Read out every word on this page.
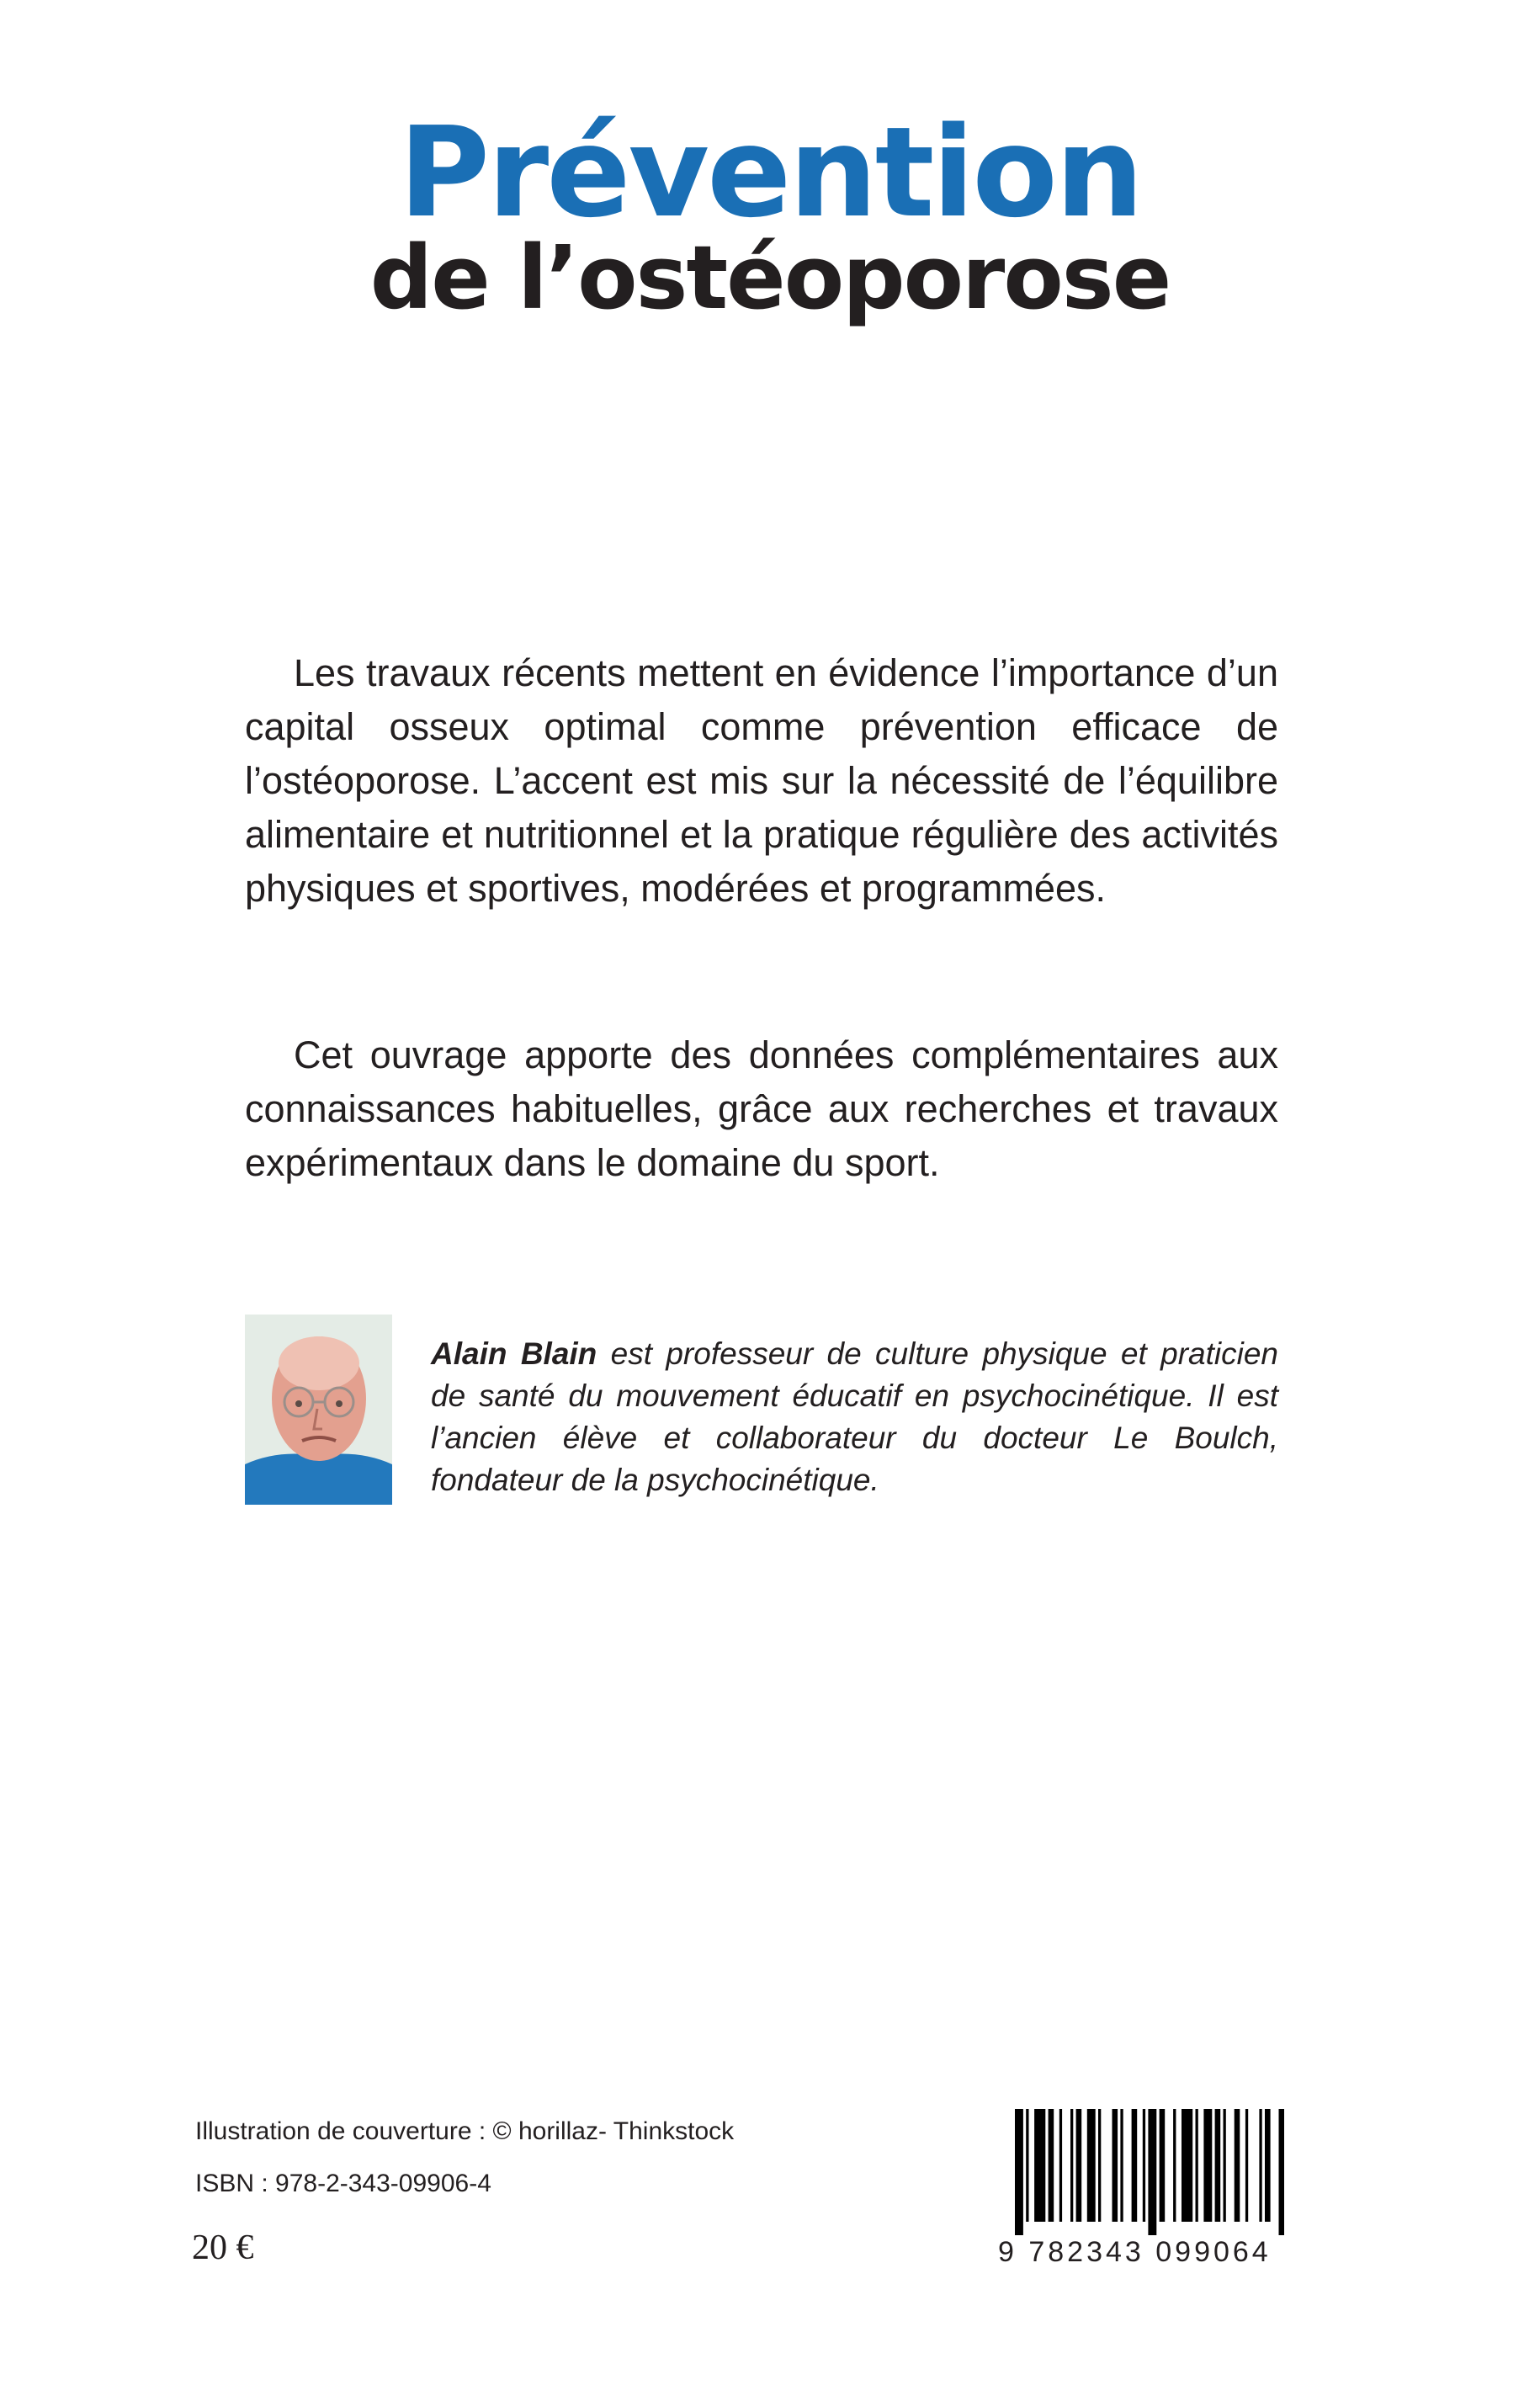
Prévention
de l’ostéoporose

Les travaux récents mettent en évidence l’importance d’un capital osseux optimal comme prévention efficace de l’ostéoporose. L’accent est mis sur la nécessité de l’équilibre alimentaire et nutritionnel et la pratique régulière des activités physiques et sportives, modérées et programmées.

Cet ouvrage apporte des données complémentaires aux connaissances habituelles, grâce aux recherches et travaux expérimentaux dans le domaine du sport.

Alain Blain est professeur de culture physique et praticien de santé du mouvement éducatif en psychocinétique. Il est l’ancien élève et collaborateur du docteur Le Boulch, fondateur de la psychocinétique.

Illustration de couverture : © horillaz- Thinkstock
ISBN : 978-2-343-09906-4
20 €	9 782343 099064
